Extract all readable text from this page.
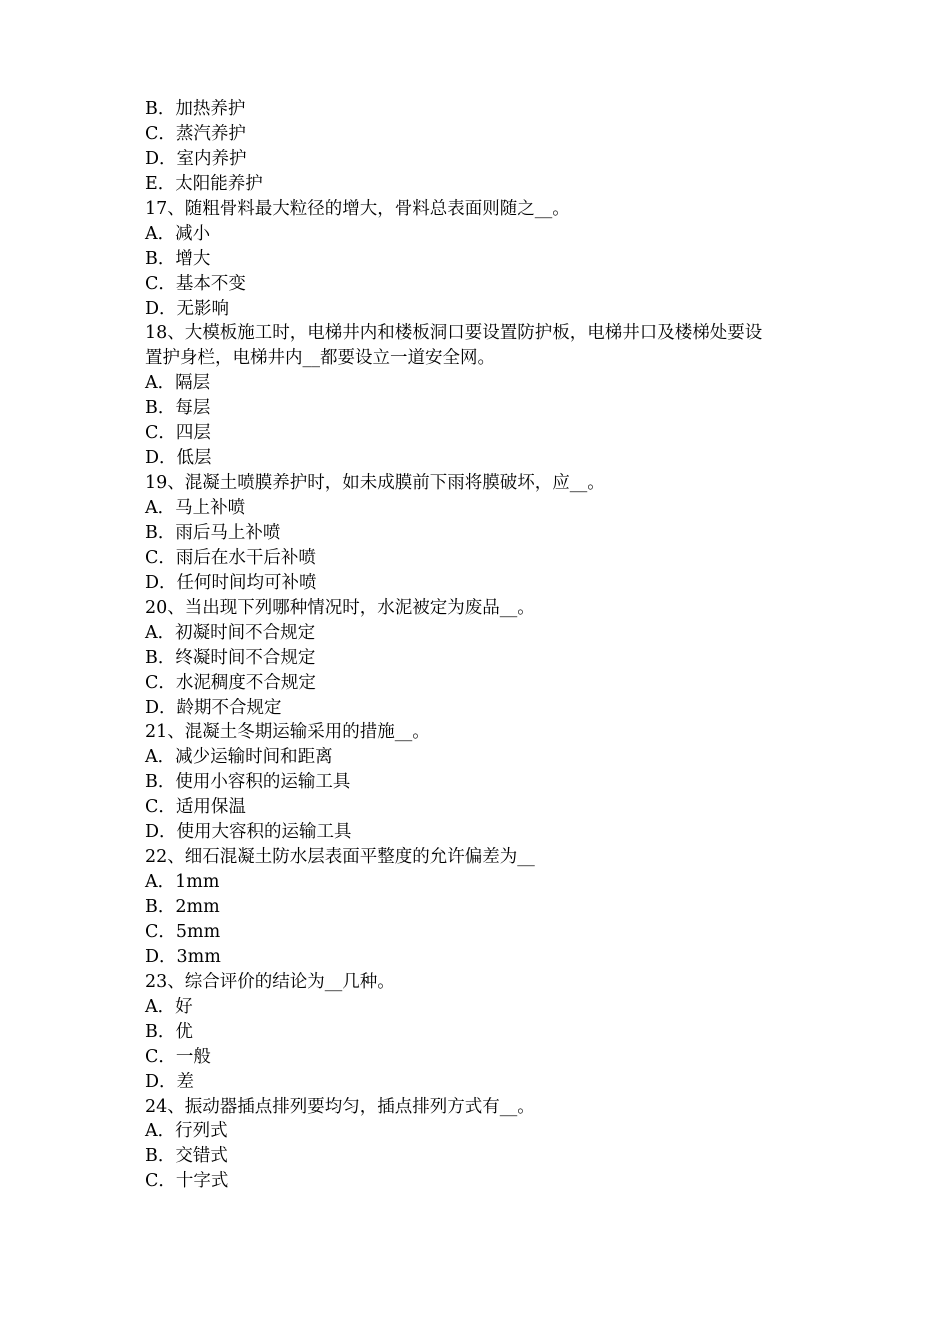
B．加热养护
C．蒸汽养护
D．室内养护
E．太阳能养护
17、随粗骨料最大粒径的增大，骨料总表面则随之__。
A．减小
B．增大
C．基本不变
D．无影响
18、大模板施工时，电梯井内和楼板洞口要设置防护板，电梯井口及楼梯处要设
置护身栏，电梯井内__都要设立一道安全网。
A．隔层
B．每层
C．四层
D．低层
19、混凝土喷膜养护时，如未成膜前下雨将膜破坏，应__。
A．马上补喷
B．雨后马上补喷
C．雨后在水干后补喷
D．任何时间均可补喷
20、当出现下列哪种情况时，水泥被定为废品__。
A．初凝时间不合规定
B．终凝时间不合规定
C．水泥稠度不合规定
D．龄期不合规定
21、混凝土冬期运输采用的措施__。
A．减少运输时间和距离
B．使用小容积的运输工具
C．适用保温
D．使用大容积的运输工具
22、细石混凝土防水层表面平整度的允许偏差为__
A．1mm
B．2mm
C．5mm
D．3mm
23、综合评价的结论为__几种。
A．好
B．优
C．一般
D．差
24、振动器插点排列要均匀，插点排列方式有__。
A．行列式
B．交错式
C．十字式
